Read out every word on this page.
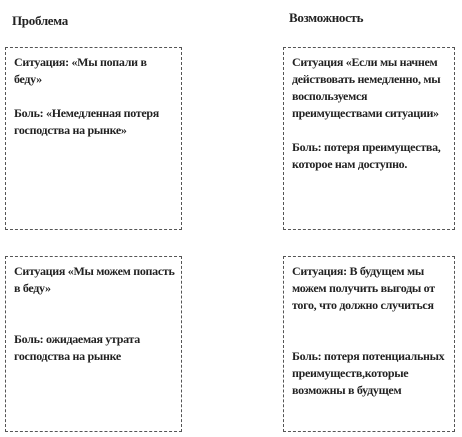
Проблема	Возможность

Ситуация: «Мы попали в беду»

Боль: «Немедленная потеря господства на рынке»

Ситуация «Если мы начнем действовать немедленно, мы воспользуемся преимуществами ситуации»

Боль: потеря преимущества, которое нам доступно.

Ситуация «Мы можем попасть в беду»

Боль: ожидаемая утрата господства на рынке

Ситуация: В будущем мы можем получить выгоды от того, что должно случиться

Боль: потеря потенциальных преимуществ,которые возможны в будущем
